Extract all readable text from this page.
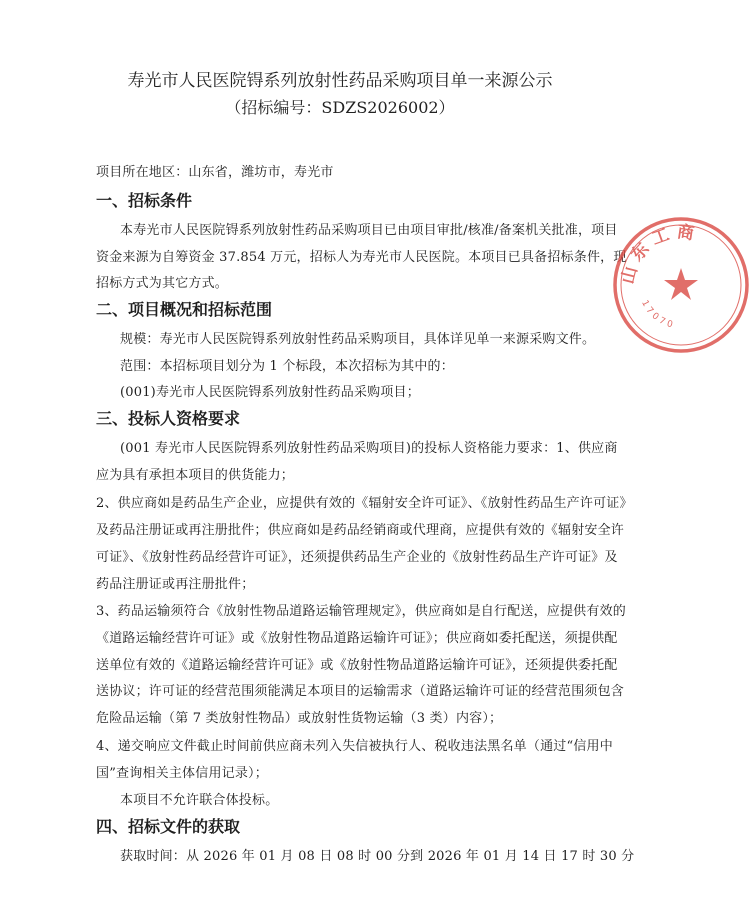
寿光市人民医院锝系列放射性药品采购项目单一来源公示
（招标编号：SDZS2026002）
项目所在地区：山东省，潍坊市，寿光市
一、招标条件
本寿光市人民医院锝系列放射性药品采购项目已由项目审批/核准/备案机关批准，项目
资金来源为自筹资金 37.854 万元，招标人为寿光市人民医院。本项目已具备招标条件，现
招标方式为其它方式。
二、项目概况和招标范围
规模：寿光市人民医院锝系列放射性药品采购项目，具体详见单一来源采购文件。
范围：本招标项目划分为 1 个标段，本次招标为其中的：
(001)寿光市人民医院锝系列放射性药品采购项目；
三、投标人资格要求
(001 寿光市人民医院锝系列放射性药品采购项目)的投标人资格能力要求：1、供应商
应为具有承担本项目的供货能力；
2、供应商如是药品生产企业，应提供有效的《辐射安全许可证》、《放射性药品生产许可证》
及药品注册证或再注册批件；供应商如是药品经销商或代理商，应提供有效的《辐射安全许
可证》、《放射性药品经营许可证》，还须提供药品生产企业的《放射性药品生产许可证》及
药品注册证或再注册批件；
3、药品运输须符合《放射性物品道路运输管理规定》，供应商如是自行配送，应提供有效的
《道路运输经营许可证》或《放射性物品道路运输许可证》；供应商如委托配送，须提供配
送单位有效的《道路运输经营许可证》或《放射性物品道路运输许可证》，还须提供委托配
送协议；许可证的经营范围须能满足本项目的运输需求（道路运输许可证的经营范围须包含
危险品运输（第 7 类放射性物品）或放射性货物运输（3 类）内容）；
4、递交响应文件截止时间前供应商未列入失信被执行人、税收违法黑名单（通过“信用中
国”查询相关主体信用记录）；
本项目不允许联合体投标。
四、招标文件的获取
获取时间：从 2026 年 01 月 08 日 08 时 00 分到 2026 年 01 月 14 日 17 时 30 分
山东工商
17070
